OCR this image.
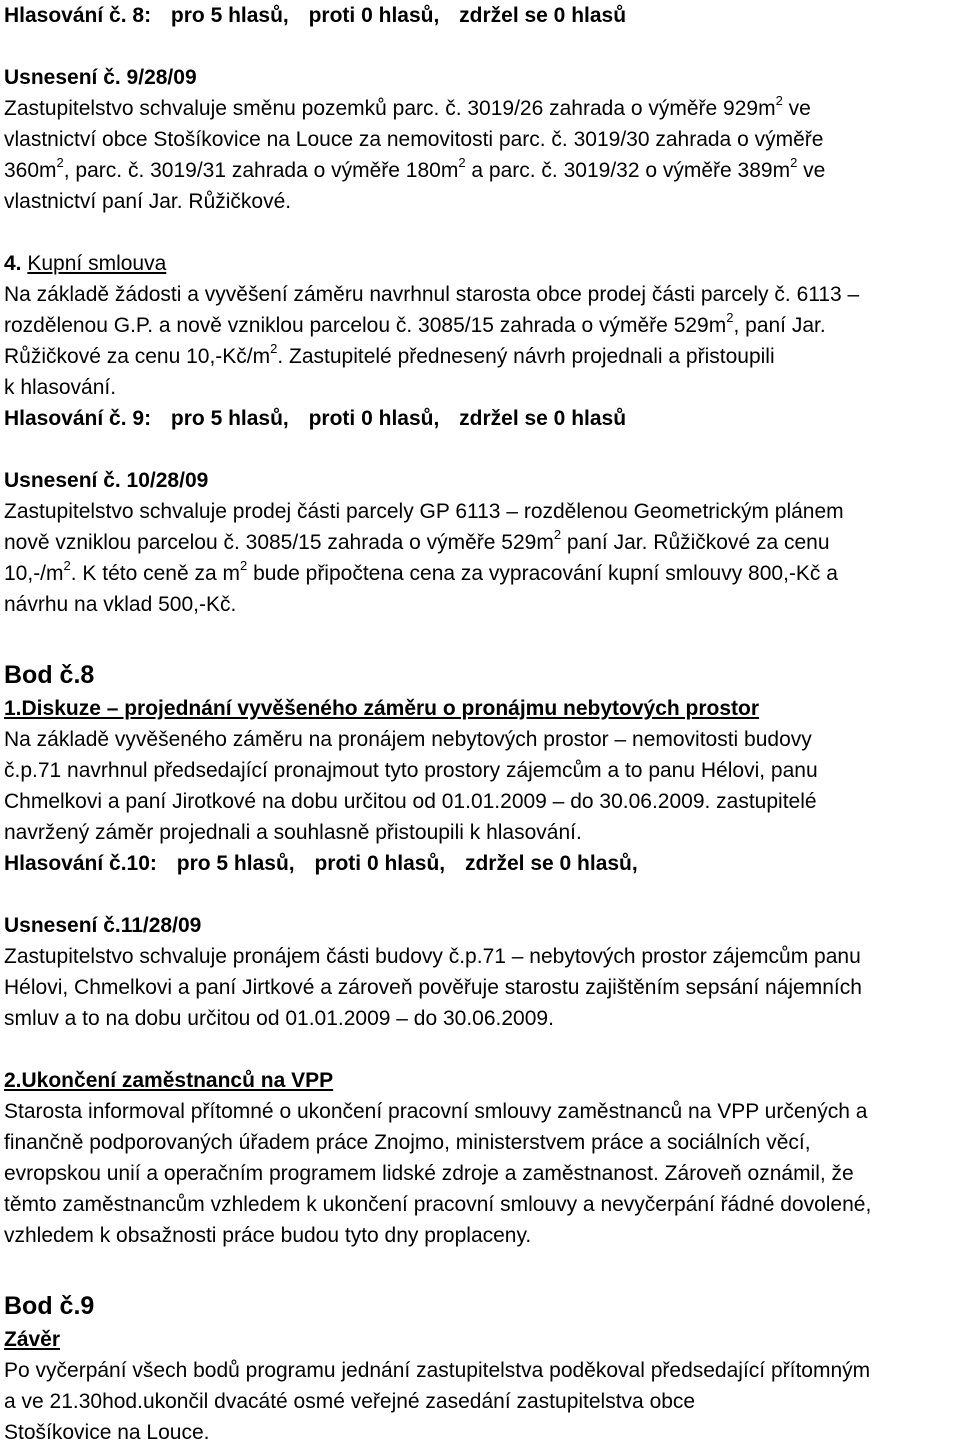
Hlasování č. 8: pro 5 hlasů, proti 0 hlasů, zdržel se 0 hlasů
Usnesení č. 9/28/09
Zastupitelstvo schvaluje směnu pozemků parc. č. 3019/26 zahrada o výměře $929m^2$ ve
vlastnictví obce Stošíkovice na Louce za nemovitosti parc. č. 3019/30 zahrada o výměře
$360m^2$, parc. č. 3019/31 zahrada o výměře $180m^2$ a parc. č. 3019/32 o výměře $389m^2$ ve
vlastnictví paní Jar. Růžičkové.
4. Kupní smlouva
Na základě žádosti a vyvěšení záměru navrhnul starosta obce prodej části parcely č. 6113 –
rozdělenou G.P. a nově vzniklou parcelou č. 3085/15 zahrada o výměře $529m^2$, paní Jar.
Růžičkové za cenu $10,-Kč/m^2$. Zastupitelé přednesený návrh projednali a přistoupili
k hlasování.
Hlasování č. 9: pro 5 hlasů, proti 0 hlasů, zdržel se 0 hlasů
Usnesení č. 10/28/09
Zastupitelstvo schvaluje prodej části parcely GP 6113 – rozdělenou Geometrickým plánem
nově vzniklou parcelou č. 3085/15 zahrada o výměře $529m^2$ paní Jar. Růžičkové za cenu
$10,-/m^2$. K této ceně za $m^2$ bude připočtena cena za vypracování kupní smlouvy 800,-Kč a
návrhu na vklad 500,-Kč.
Bod č.8
1.Diskuze – projednání vyvěšeného záměru o pronájmu nebytových prostor
Na základě vyvěšeného záměru na pronájem nebytových prostor – nemovitosti budovy
č.p.71 navrhnul předsedající pronajmout tyto prostory zájemcům a to panu Hélovi, panu
Chmelkovi a paní Jirotkové na dobu určitou od 01.01.2009 – do 30.06.2009. zastupitelé
navržený záměr projednali a souhlasně přistoupili k hlasování.
Hlasování č.10: pro 5 hlasů, proti 0 hlasů, zdržel se 0 hlasů,
Usnesení č.11/28/09
Zastupitelstvo schvaluje pronájem části budovy č.p.71 – nebytových prostor zájemcům panu
Hélovi, Chmelkovi a paní Jirtkové a zároveň pověřuje starostu zajištěním sepsání nájemních
smluv a to na dobu určitou od 01.01.2009 – do 30.06.2009.
2.Ukončení zaměstnanců na VPP
Starosta informoval přítomné o ukončení pracovní smlouvy zaměstnanců na VPP určených a
finančně podporovaných úřadem práce Znojmo, ministerstvem práce a sociálních věcí,
evropskou unií a operačním programem lidské zdroje a zaměstnanost. Zároveň oznámil, že
těmto zaměstnancům vzhledem k ukončení pracovní smlouvy a nevyčerpání řádné dovolené,
vzhledem k obsažnosti práce budou tyto dny proplaceny.
Bod č.9
Závěr
Po vyčerpání všech bodů programu jednání zastupitelstva poděkoval předsedající přítomným
a ve 21.30hod.ukončil dvacáté osmé veřejné zasedání zastupitelstva obce
Stošíkovice na Louce.
